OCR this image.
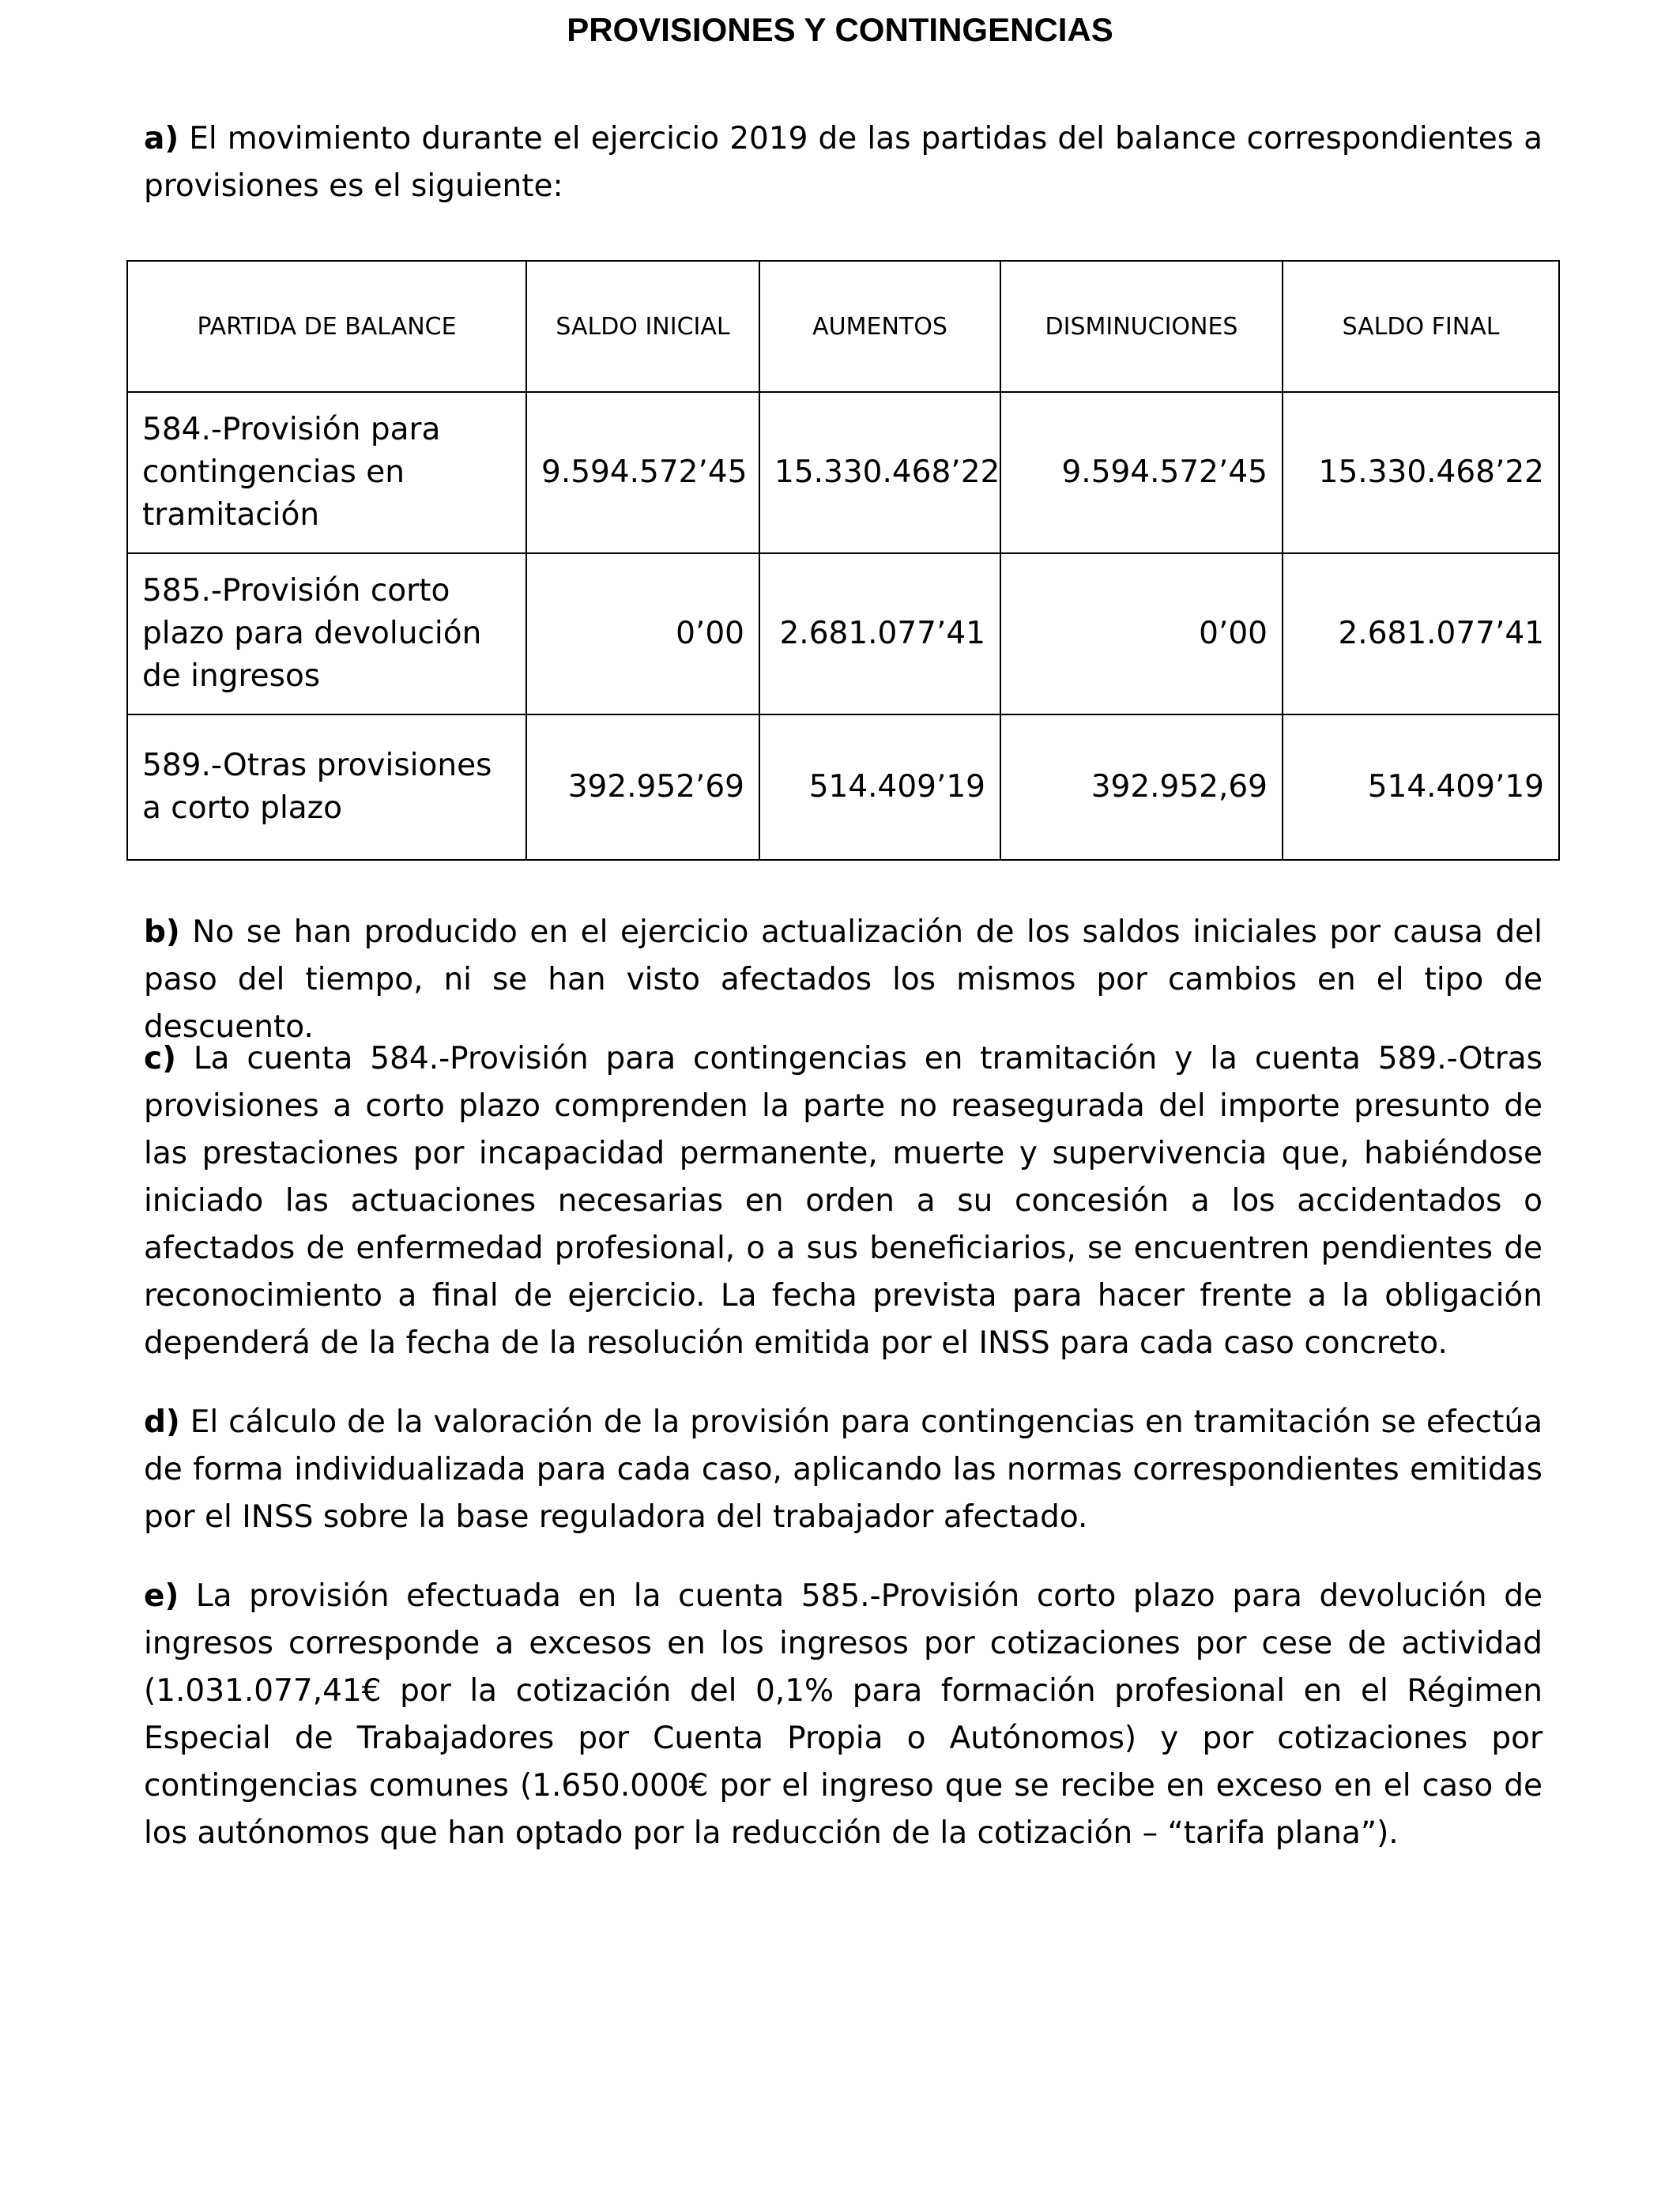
PROVISIONES Y CONTINGENCIAS

a) El movimiento durante el ejercicio 2019 de las partidas del balance correspondientes a provisiones es el siguiente:

PARTIDA DE BALANCE	SALDO INICIAL	AUMENTOS	DISMINUCIONES	SALDO FINAL
584.-Provisión para contingencias en tramitación	9.594.572’45	15.330.468’22	9.594.572’45	15.330.468’22
585.-Provisión corto plazo para devolución de ingresos	0’00	2.681.077’41	0’00	2.681.077’41
589.-Otras provisiones a corto plazo	392.952’69	514.409’19	392.952,69	514.409’19

b) No se han producido en el ejercicio actualización de los saldos iniciales por causa del paso del tiempo, ni se han visto afectados los mismos por cambios en el tipo de descuento.

c) La cuenta 584.-Provisión para contingencias en tramitación y la cuenta 589.-Otras provisiones a corto plazo comprenden la parte no reasegurada del importe presunto de las prestaciones por incapacidad permanente, muerte y supervivencia que, habiéndose iniciado las actuaciones necesarias en orden a su concesión a los accidentados o afectados de enfermedad profesional, o a sus beneficiarios, se encuentren pendientes de reconocimiento a final de ejercicio. La fecha prevista para hacer frente a la obligación dependerá de la fecha de la resolución emitida por el INSS para cada caso concreto.

d) El cálculo de la valoración de la provisión para contingencias en tramitación se efectúa de forma individualizada para cada caso, aplicando las normas correspondientes emitidas por el INSS sobre la base reguladora del trabajador afectado.

e) La provisión efectuada en la cuenta 585.-Provisión corto plazo para devolución de ingresos corresponde a excesos en los ingresos por cotizaciones por cese de actividad (1.031.077,41€ por la cotización del 0,1% para formación profesional en el Régimen Especial de Trabajadores por Cuenta Propia o Autónomos) y por cotizaciones por contingencias comunes (1.650.000€ por el ingreso que se recibe en exceso en el caso de los autónomos que han optado por la reducción de la cotización – “tarifa plana”).
